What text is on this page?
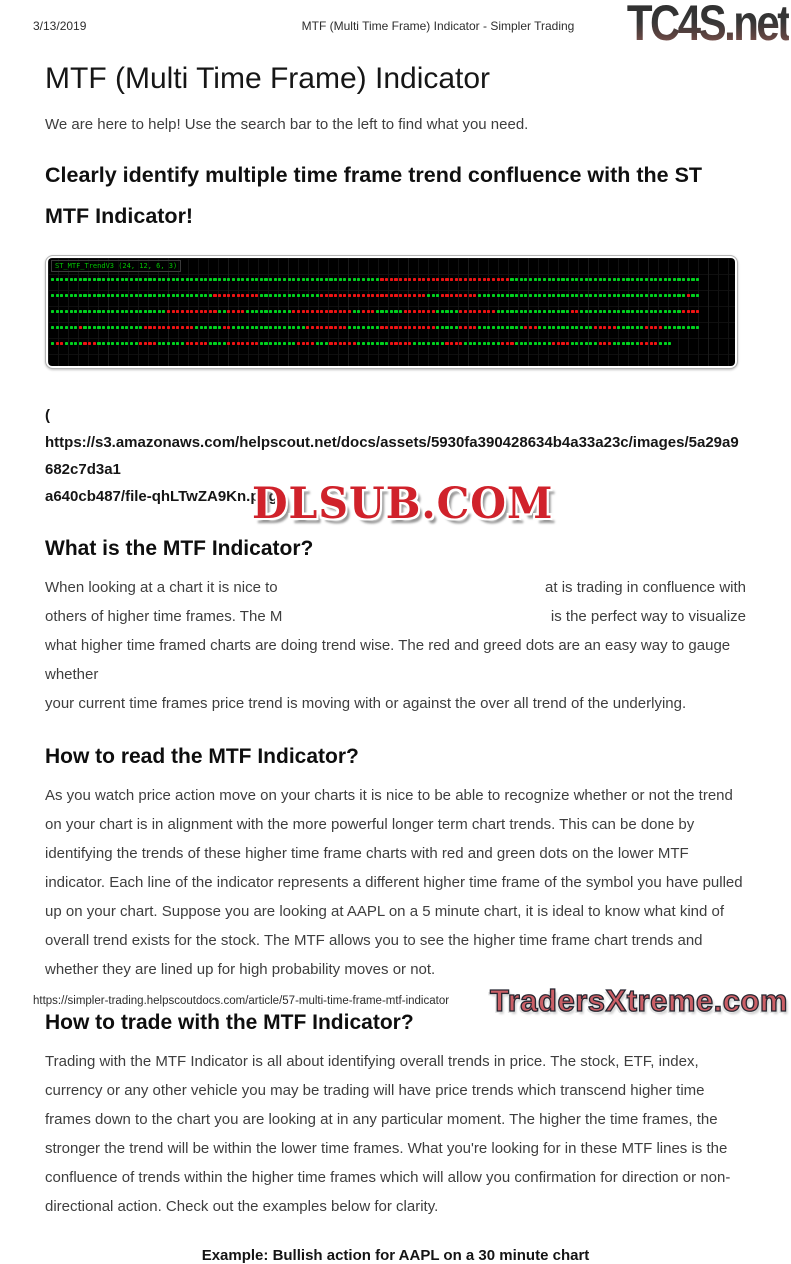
3/13/2019	MTF (Multi Time Frame) Indicator - Simpler Trading TC4S.net
MTF (Multi Time Frame) Indicator
We are here to help! Use the search bar to the left to find what you need.
Clearly identify multiple time frame trend confluence with the ST MTF Indicator!
ST_MTF_TrendV3 (24, 12, 6, 3)
(
https://s3.amazonaws.com/helpscout.net/docs/assets/5930fa390428634b4a33a23c/images/5a29a9682c7d3a1
a640cb487/file-qhLTwZA9Kn.png )
What is the MTF Indicator?
When looking at a chart it is nice to	at is trading in confluence with
others of higher time frames. The M	is the perfect way to visualize
what higher time framed charts are doing trend wise. The red and greed dots are an easy way to gauge whether
your current time frames price trend is moving with or against the over all trend of the underlying.
How to read the MTF Indicator?

As you watch price action move on your charts it is nice to be able to recognize whether or not the trend on your chart is in alignment with the more powerful longer term chart trends. This can be done by identifying the trends of these higher time frame charts with red and green dots on the lower MTF indicator. Each line of the indicator represents a different higher time frame of the symbol you have pulled up on your chart. Suppose you are looking at AAPL on a 5 minute chart, it is ideal to know what kind of overall trend exists for the stock. The MTF allows you to see the higher time frame chart trends and whether they are lined up for high probability moves or not.

How to trade with the MTF Indicator?

Trading with the MTF Indicator is all about identifying overall trends in price. The stock, ETF, index, currency or any other vehicle you may be trading will have price trends which transcend higher time frames down to the chart you are looking at in any particular moment. The higher the time frames, the stronger the trend will be within the lower time frames. What you're looking for in these MTF lines is the confluence of trends within the higher time frames which will allow you confirmation for direction or non-directional action. Check out the examples below for clarity.

Example: Bullish action for AAPL on a 30 minute chart
DLSUB.COM
https://simpler-trading.helpscoutdocs.com/article/57-multi-time-frame-mtf-indicator TradersXtreme.com
